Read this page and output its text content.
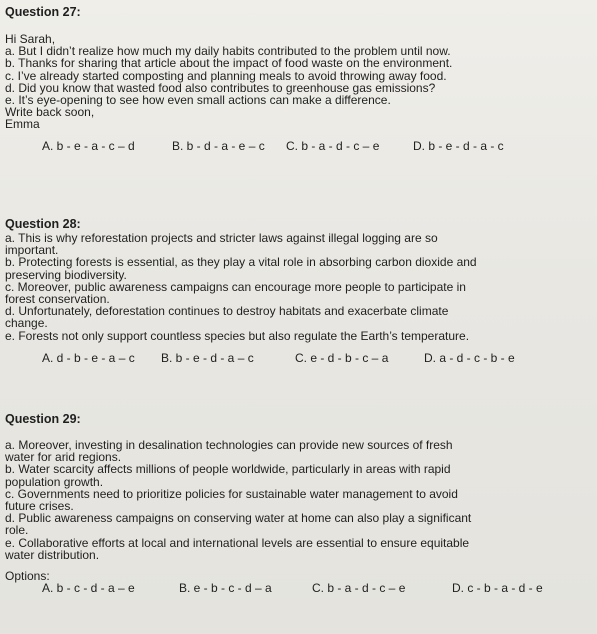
Question 27:
Hi Sarah,
a. But I didn’t realize how much my daily habits contributed to the problem until now.
b. Thanks for sharing that article about the impact of food waste on the environment.
c. I’ve already started composting and planning meals to avoid throwing away food.
d. Did you know that wasted food also contributes to greenhouse gas emissions?
e. It’s eye-opening to see how even small actions can make a difference.
Write back soon,
Emma
A. b - e - a - c – d	B. b - d - a - e – c C. b - a - d - c – e	D. b - e - d - a - c
Question 28:
a. This is why reforestation projects and stricter laws against illegal logging are so
important.
b. Protecting forests is essential, as they play a vital role in absorbing carbon dioxide and
preserving biodiversity.
c. Moreover, public awareness campaigns can encourage more people to participate in
forest conservation.
d. Unfortunately, deforestation continues to destroy habitats and exacerbate climate
change.
e. Forests not only support countless species but also regulate the Earth’s temperature.
A. d - b - e - a – c B. b - e - d - a – c	C. e - d - b - c – a	D. a - d - c - b - e
Question 29:
a. Moreover, investing in desalination technologies can provide new sources of fresh
water for arid regions.
b. Water scarcity affects millions of people worldwide, particularly in areas with rapid
population growth.
c. Governments need to prioritize policies for sustainable water management to avoid
future crises.
d. Public awareness campaigns on conserving water at home can also play a significant
role.
e. Collaborative efforts at local and international levels are essential to ensure equitable
water distribution.
Options:
A. b - c - d - a – e	B. e - b - c - d – a	C. b - a - d - c – e	D. c - b - a - d - e
